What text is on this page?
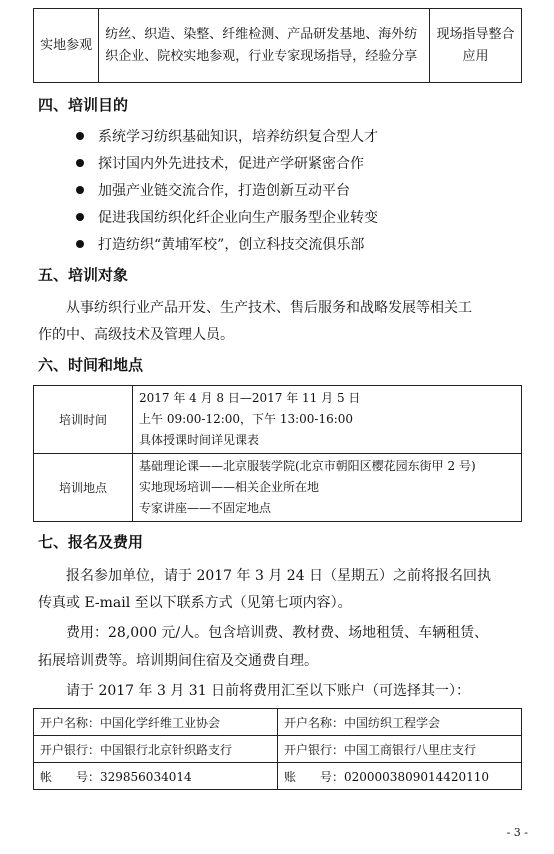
实地参观	纺丝、织造、染整、纤维检测、产品研发基地、海外纺织企业、院校实地参观，行业专家现场指导，经验分享	现场指导整合应用
四、培训目的
系统学习纺织基础知识，培养纺织复合型人才
探讨国内外先进技术，促进产学研紧密合作
加强产业链交流合作，打造创新互动平台
促进我国纺织化纤企业向生产服务型企业转变
打造纺织“黄埔军校”，创立科技交流俱乐部
五、培训对象
从事纺织行业产品开发、生产技术、售后服务和战略发展等相关工
作的中、高级技术及管理人员。
六、时间和地点
培训时间	2017 年 4 月 8 日—2017 年 11 月 5 日
上午 09:00-12:00，下午 13:00-16:00
具体授课时间详见课表

培训地点	基础理论课——北京服装学院(北京市朝阳区樱花园东街甲 2 号)
实地现场培训——相关企业所在地
专家讲座——不固定地点
七、报名及费用
报名参加单位，请于 2017 年 3 月 24 日（星期五）之前将报名回执
传真或 E-mail 至以下联系方式（见第七项内容）。
费用：28,000 元/人。包含培训费、教材费、场地租赁、车辆租赁、
拓展培训费等。培训期间住宿及交通费自理。
请于 2017 年 3 月 31 日前将费用汇至以下账户（可选择其一）：
开户名称：中国化学纤维工业协会	开户名称：中国纺织工程学会
开户银行：中国银行北京针织路支行	开户银行：中国工商银行八里庄支行
帐　　号：329856034014	账　　号：0200003809014420110
- 3 -
